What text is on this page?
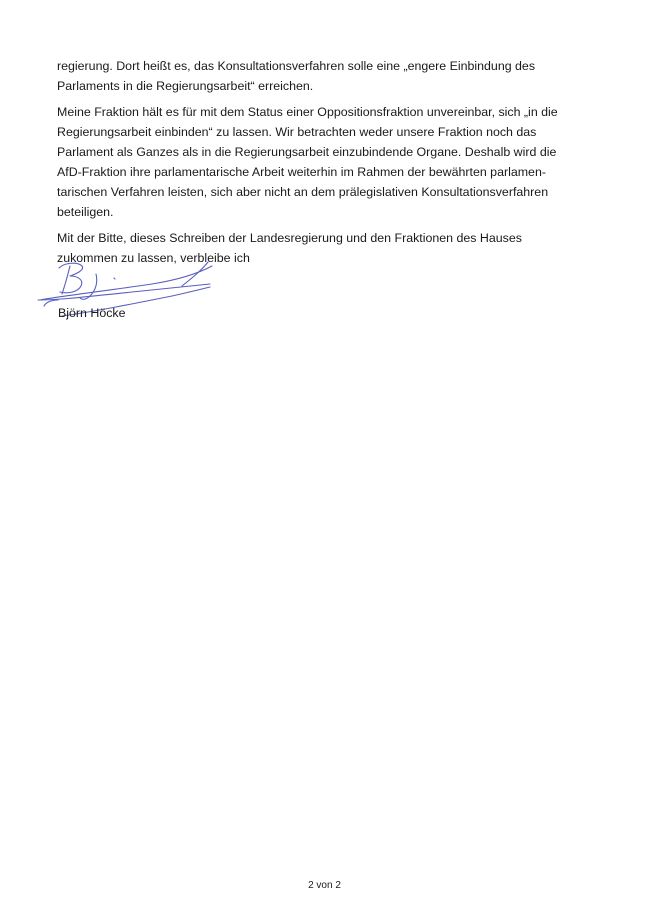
regierung. Dort heißt es, das Konsultationsverfahren solle eine „engere Einbindung des
Parlaments in die Regierungsarbeit“ erreichen.

Meine Fraktion hält es für mit dem Status einer Oppositionsfraktion unvereinbar, sich „in die
Regierungsarbeit einbinden“ zu lassen. Wir betrachten weder unsere Fraktion noch das
Parlament als Ganzes als in die Regierungsarbeit einzubindende Organe. Deshalb wird die
AfD-Fraktion ihre parlamentarische Arbeit weiterhin im Rahmen der bewährten parlamen-
tarischen Verfahren leisten, sich aber nicht an dem prälegislativen Konsultationsverfahren
beteiligen.

Mit der Bitte, dieses Schreiben der Landesregierung und den Fraktionen des Hauses
zukommen zu lassen, verbleibe ich

Björn Höcke
2 von 2
